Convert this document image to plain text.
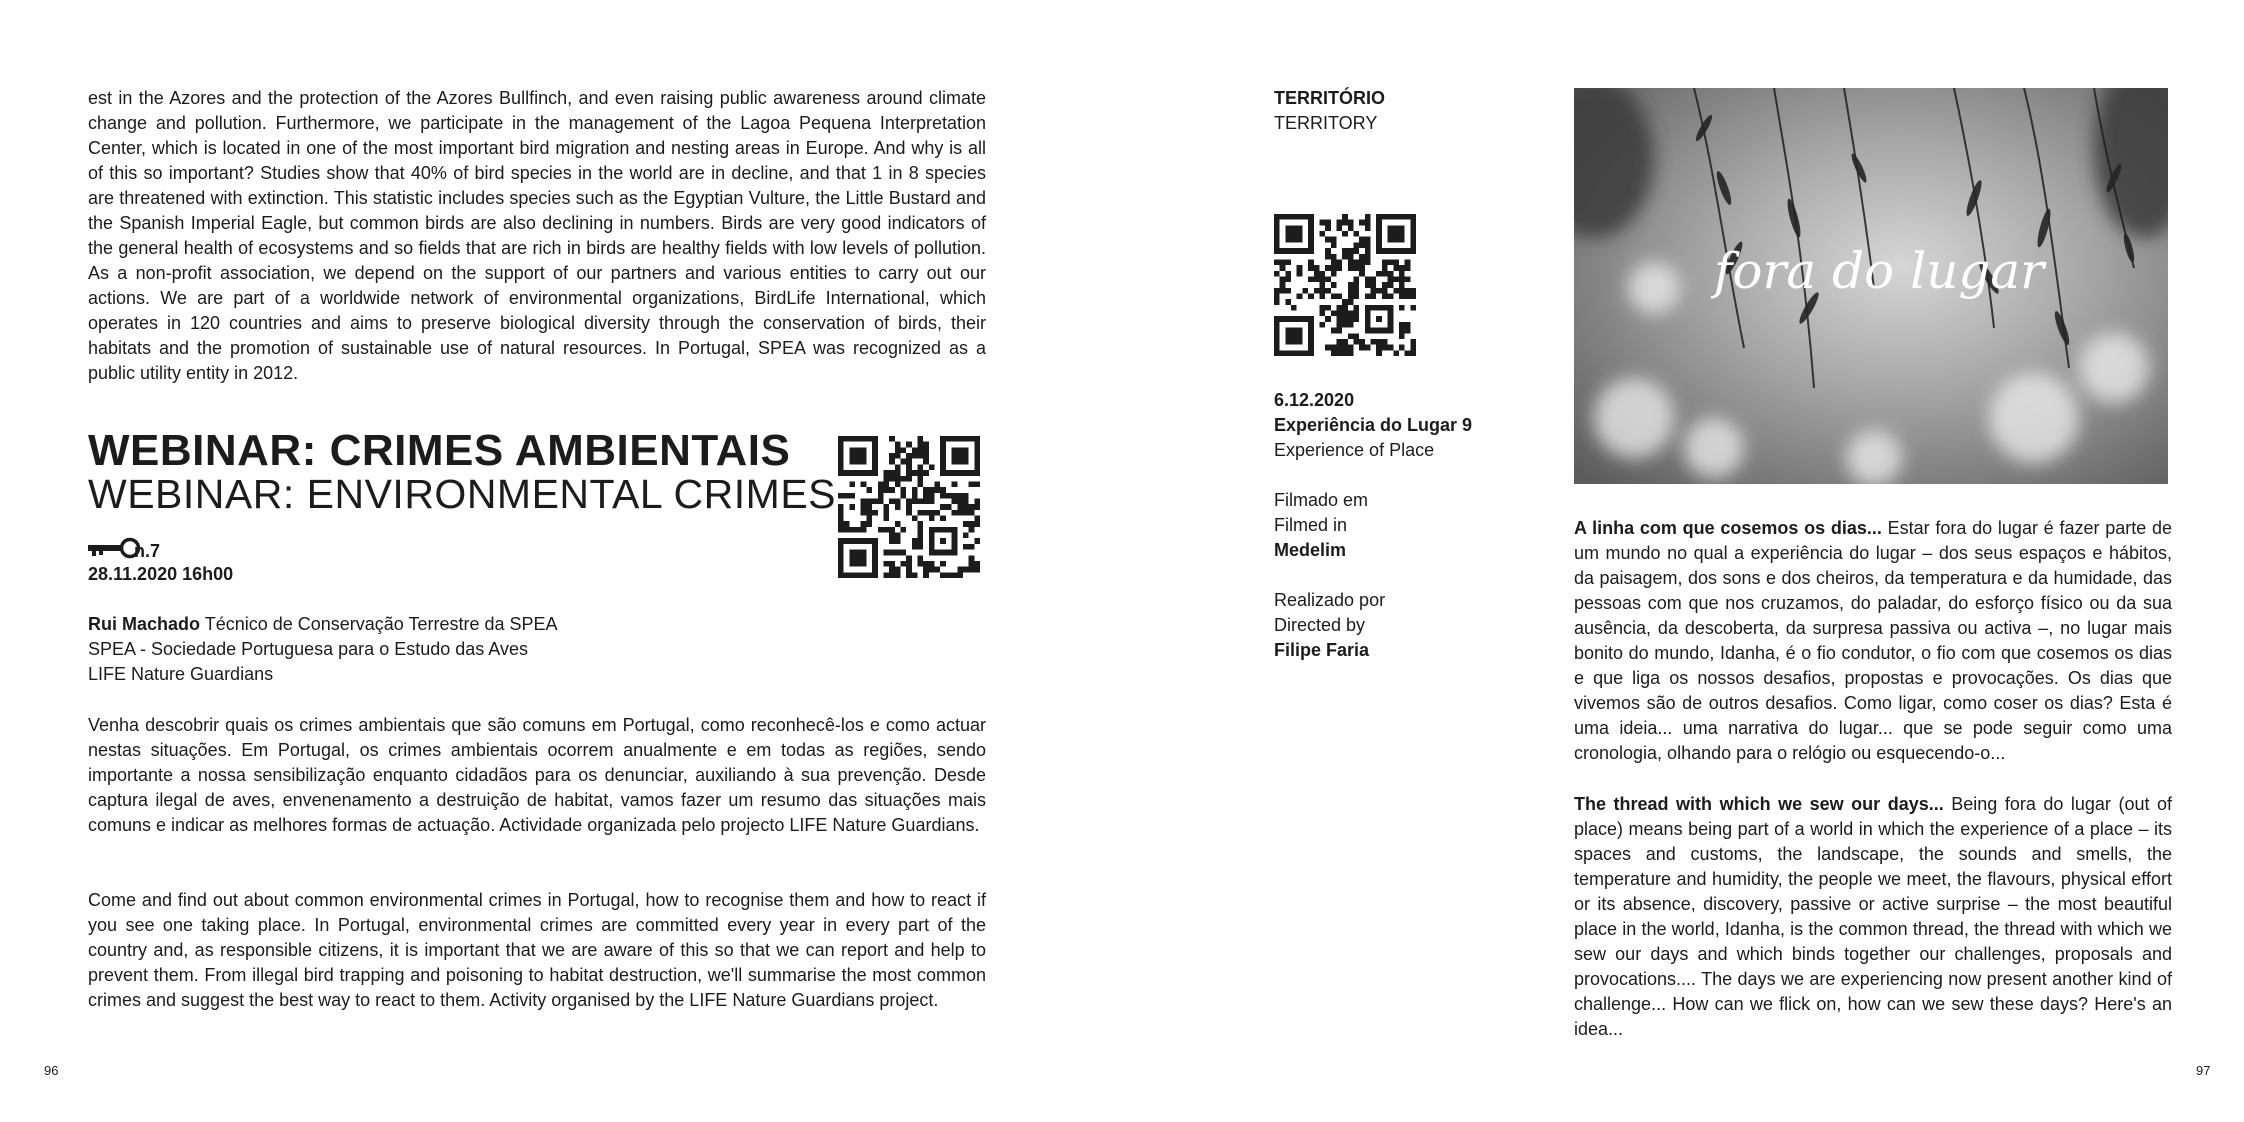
est in the Azores and the protection of the Azores Bullfinch, and even raising public awareness around climate change and pollution. Furthermore, we participate in the management of the Lagoa Pequena Interpretation Center, which is located in one of the most important bird migration and nesting areas in Europe. And why is all of this so important? Studies show that 40% of bird species in the world are in decline, and that 1 in 8 species are threatened with extinction. This statistic includes species such as the Egyptian Vulture, the Little Bustard and the Spanish Imperial Eagle, but common birds are also declining in numbers. Birds are very good indicators of the general health of ecosystems and so fields that are rich in birds are healthy fields with low levels of pollution. As a non-profit association, we depend on the support of our partners and various entities to carry out our actions. We are part of a worldwide network of environmental organizations, BirdLife International, which operates in 120 countries and aims to preserve biological diversity through the conservation of birds, their habitats and the promotion of sustainable use of natural resources. In Portugal, SPEA was recognized as a public utility entity in 2012.

WEBINAR: CRIMES AMBIENTAIS
WEBINAR: ENVIRONMENTAL CRIMES
n.7
28.11.2020 16h00
Rui Machado Técnico de Conservação Terrestre da SPEA
SPEA - Sociedade Portuguesa para o Estudo das Aves
LIFE Nature Guardians

Venha descobrir quais os crimes ambientais que são comuns em Portugal, como reconhecê-los e como actuar nestas situações. Em Portugal, os crimes ambientais ocorrem anualmente e em todas as regiões, sendo importante a nossa sensibilização enquanto cidadãos para os denunciar, auxiliando à sua prevenção. Desde captura ilegal de aves, envenenamento a destruição de habitat, vamos fazer um resumo das situações mais comuns e indicar as melhores formas de actuação. Actividade organizada pelo projecto LIFE Nature Guardians.

Come and find out about common environmental crimes in Portugal, how to recognise them and how to react if you see one taking place. In Portugal, environmental crimes are committed every year in every part of the country and, as responsible citizens, it is important that we are aware of this so that we can report and help to prevent them. From illegal bird trapping and poisoning to habitat destruction, we'll summarise the most common crimes and suggest the best way to react to them. Activity organised by the LIFE Nature Guardians project.

96
TERRITÓRIO
TERRITORY

6.12.2020
Experiência do Lugar 9
Experience of Place

Filmado em
Filmed in
Medelim

Realizado por
Directed by
Filipe Faria

fora do lugar

A linha com que cosemos os dias... Estar fora do lugar é fazer parte de um mundo no qual a experiência do lugar – dos seus espaços e hábitos, da paisagem, dos sons e dos cheiros, da temperatura e da humidade, das pessoas com que nos cruzamos, do paladar, do esforço físico ou da sua ausência, da descoberta, da surpresa passiva ou activa –, no lugar mais bonito do mundo, Idanha, é o fio condutor, o fio com que cosemos os dias e que liga os nossos desafios, propostas e provocações. Os dias que vivemos são de outros desafios. Como ligar, como coser os dias? Esta é uma ideia... uma narrativa do lugar... que se pode seguir como uma cronologia, olhando para o relógio ou esquecendo-o...

The thread with which we sew our days... Being fora do lugar (out of place) means being part of a world in which the experience of a place – its spaces and customs, the landscape, the sounds and smells, the temperature and humidity, the people we meet, the flavours, physical effort or its absence, discovery, passive or active surprise – the most beautiful place in the world, Idanha, is the common thread, the thread with which we sew our days and which binds together our challenges, proposals and provocations.... The days we are experiencing now present another kind of challenge... How can we flick on, how can we sew these days? Here's an idea...

97
